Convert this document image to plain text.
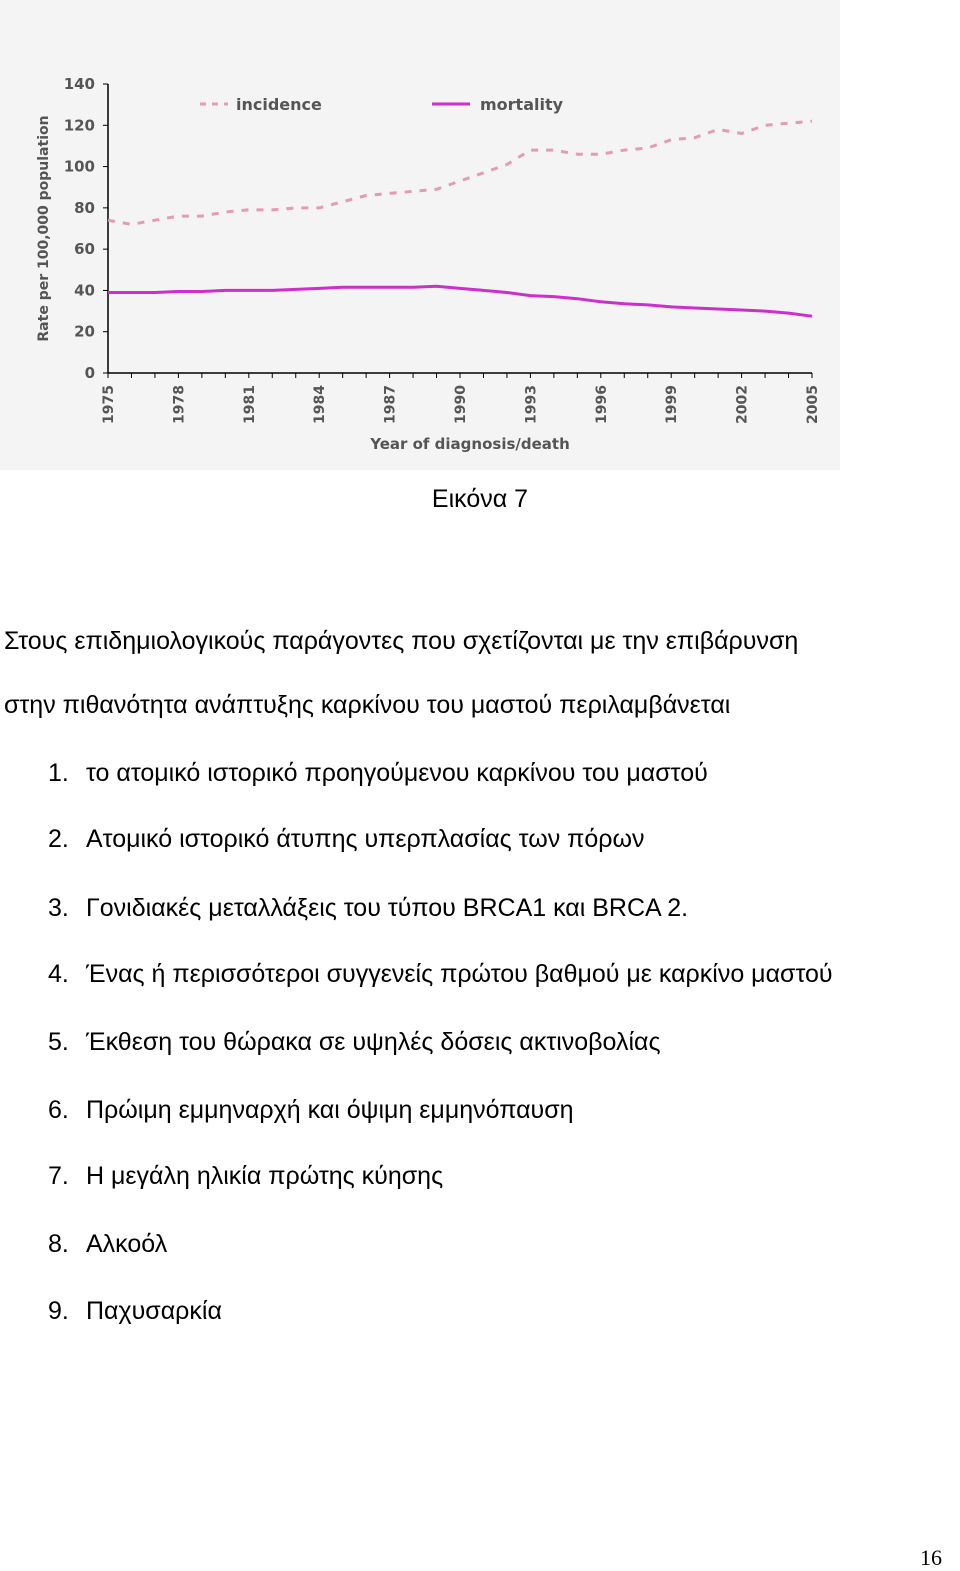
0
20
40
60
80
100
120
140
1975	1978	1981	1984	1987	1990	1993	1996	1999	2002	2005
Year of diagnosis/death
Rate per 100,000 population
incidence	mortality
Εικόνα 7
Στους επιδημιολογικούς παράγοντες που σχετίζονται με την επιβάρυνση
στην πιθανότητα ανάπτυξης καρκίνου του μαστού περιλαμβάνεται
1. το ατομικό ιστορικό προηγούμενου καρκίνου του μαστού
2. Ατομικό ιστορικό άτυπης υπερπλασίας των πόρων
3. Γονιδιακές μεταλλάξεις του τύπου BRCA1 και BRCA 2.
4. Ένας ή περισσότεροι συγγενείς πρώτου βαθμού με καρκίνο μαστού
5. Έκθεση του θώρακα σε υψηλές δόσεις ακτινοβολίας
6. Πρώιμη εμμηναρχή και όψιμη εμμηνόπαυση
7. Η μεγάλη ηλικία πρώτης κύησης
8. Αλκοόλ
9. Παχυσαρκία
16
